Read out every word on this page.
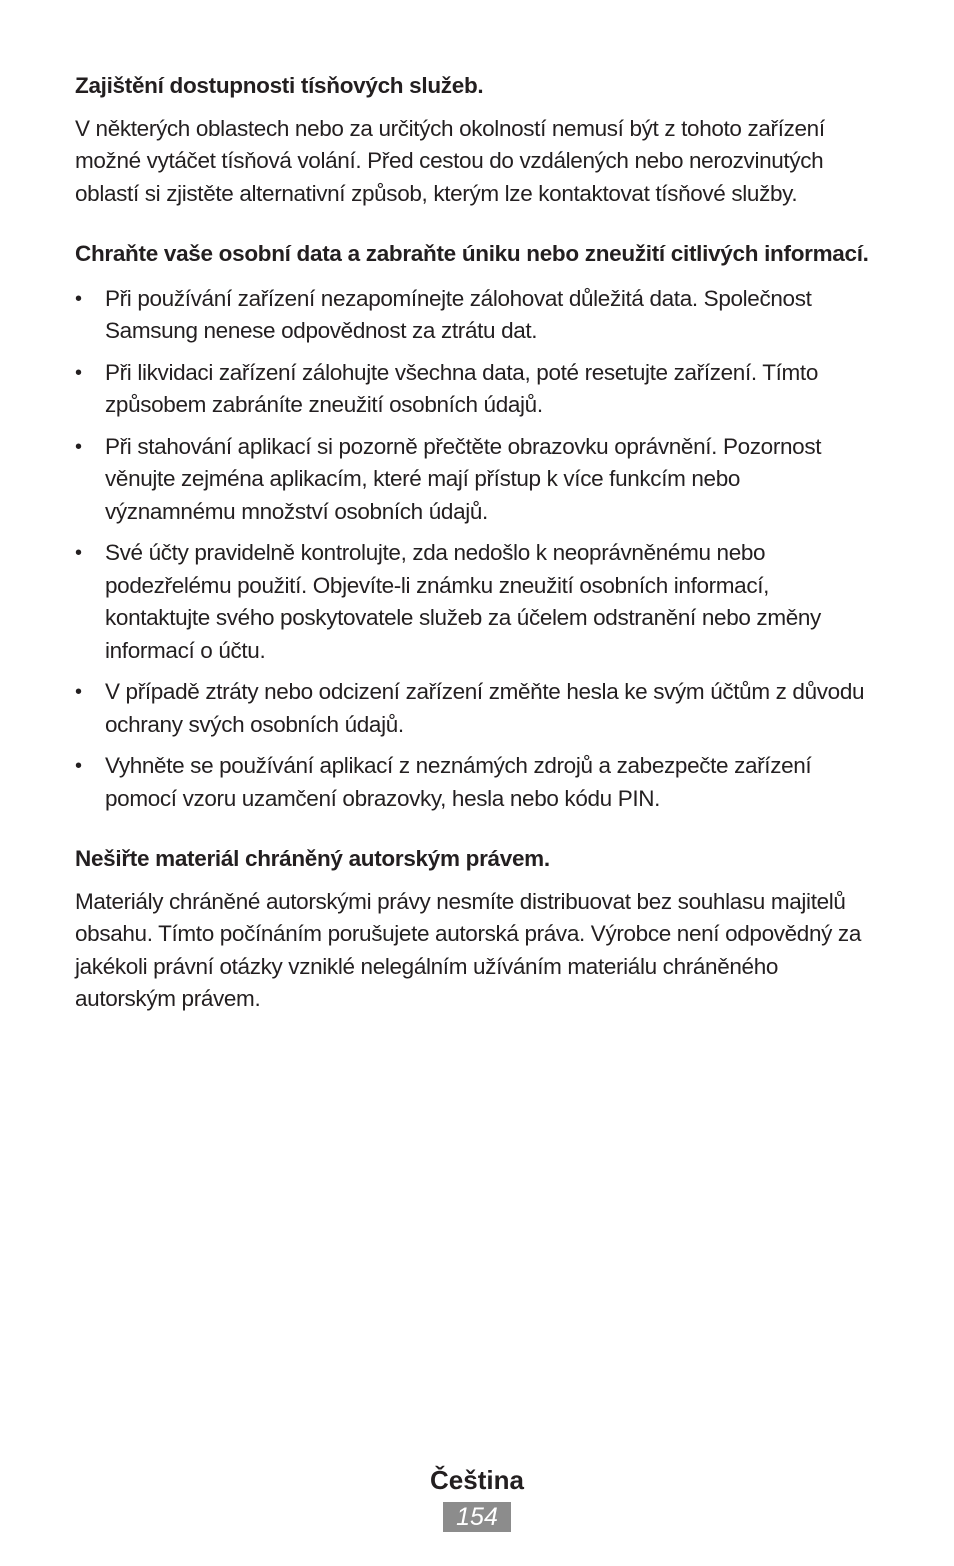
Zajištění dostupnosti tísňových služeb.

V některých oblastech nebo za určitých okolností nemusí být z tohoto zařízení možné vytáčet tísňová volání. Před cestou do vzdálených nebo nerozvinutých oblastí si zjistěte alternativní způsob, kterým lze kontaktovat tísňové služby.

Chraňte vaše osobní data a zabraňte úniku nebo zneužití citlivých informací.
• Při používání zařízení nezapomínejte zálohovat důležitá data. Společnost Samsung nenese odpovědnost za ztrátu dat.
• Při likvidaci zařízení zálohujte všechna data, poté resetujte zařízení. Tímto způsobem zabráníte zneužití osobních údajů.
• Při stahování aplikací si pozorně přečtěte obrazovku oprávnění. Pozornost věnujte zejména aplikacím, které mají přístup k více funkcím nebo významnému množství osobních údajů.
• Své účty pravidelně kontrolujte, zda nedošlo k neoprávněnému nebo podezřelému použití. Objevíte-li známku zneužití osobních informací, kontaktujte svého poskytovatele služeb za účelem odstranění nebo změny informací o účtu.
• V případě ztráty nebo odcizení zařízení změňte hesla ke svým účtům z důvodu ochrany svých osobních údajů.
• Vyhněte se používání aplikací z neznámých zdrojů a zabezpečte zařízení pomocí vzoru uzamčení obrazovky, hesla nebo kódu PIN.
Nešiřte materiál chráněný autorským právem.

Materiály chráněné autorskými právy nesmíte distribuovat bez souhlasu majitelů obsahu. Tímto počínáním porušujete autorská práva. Výrobce není odpovědný za jakékoli právní otázky vzniklé nelegálním užíváním materiálu chráněného autorským právem.

Čeština
154
